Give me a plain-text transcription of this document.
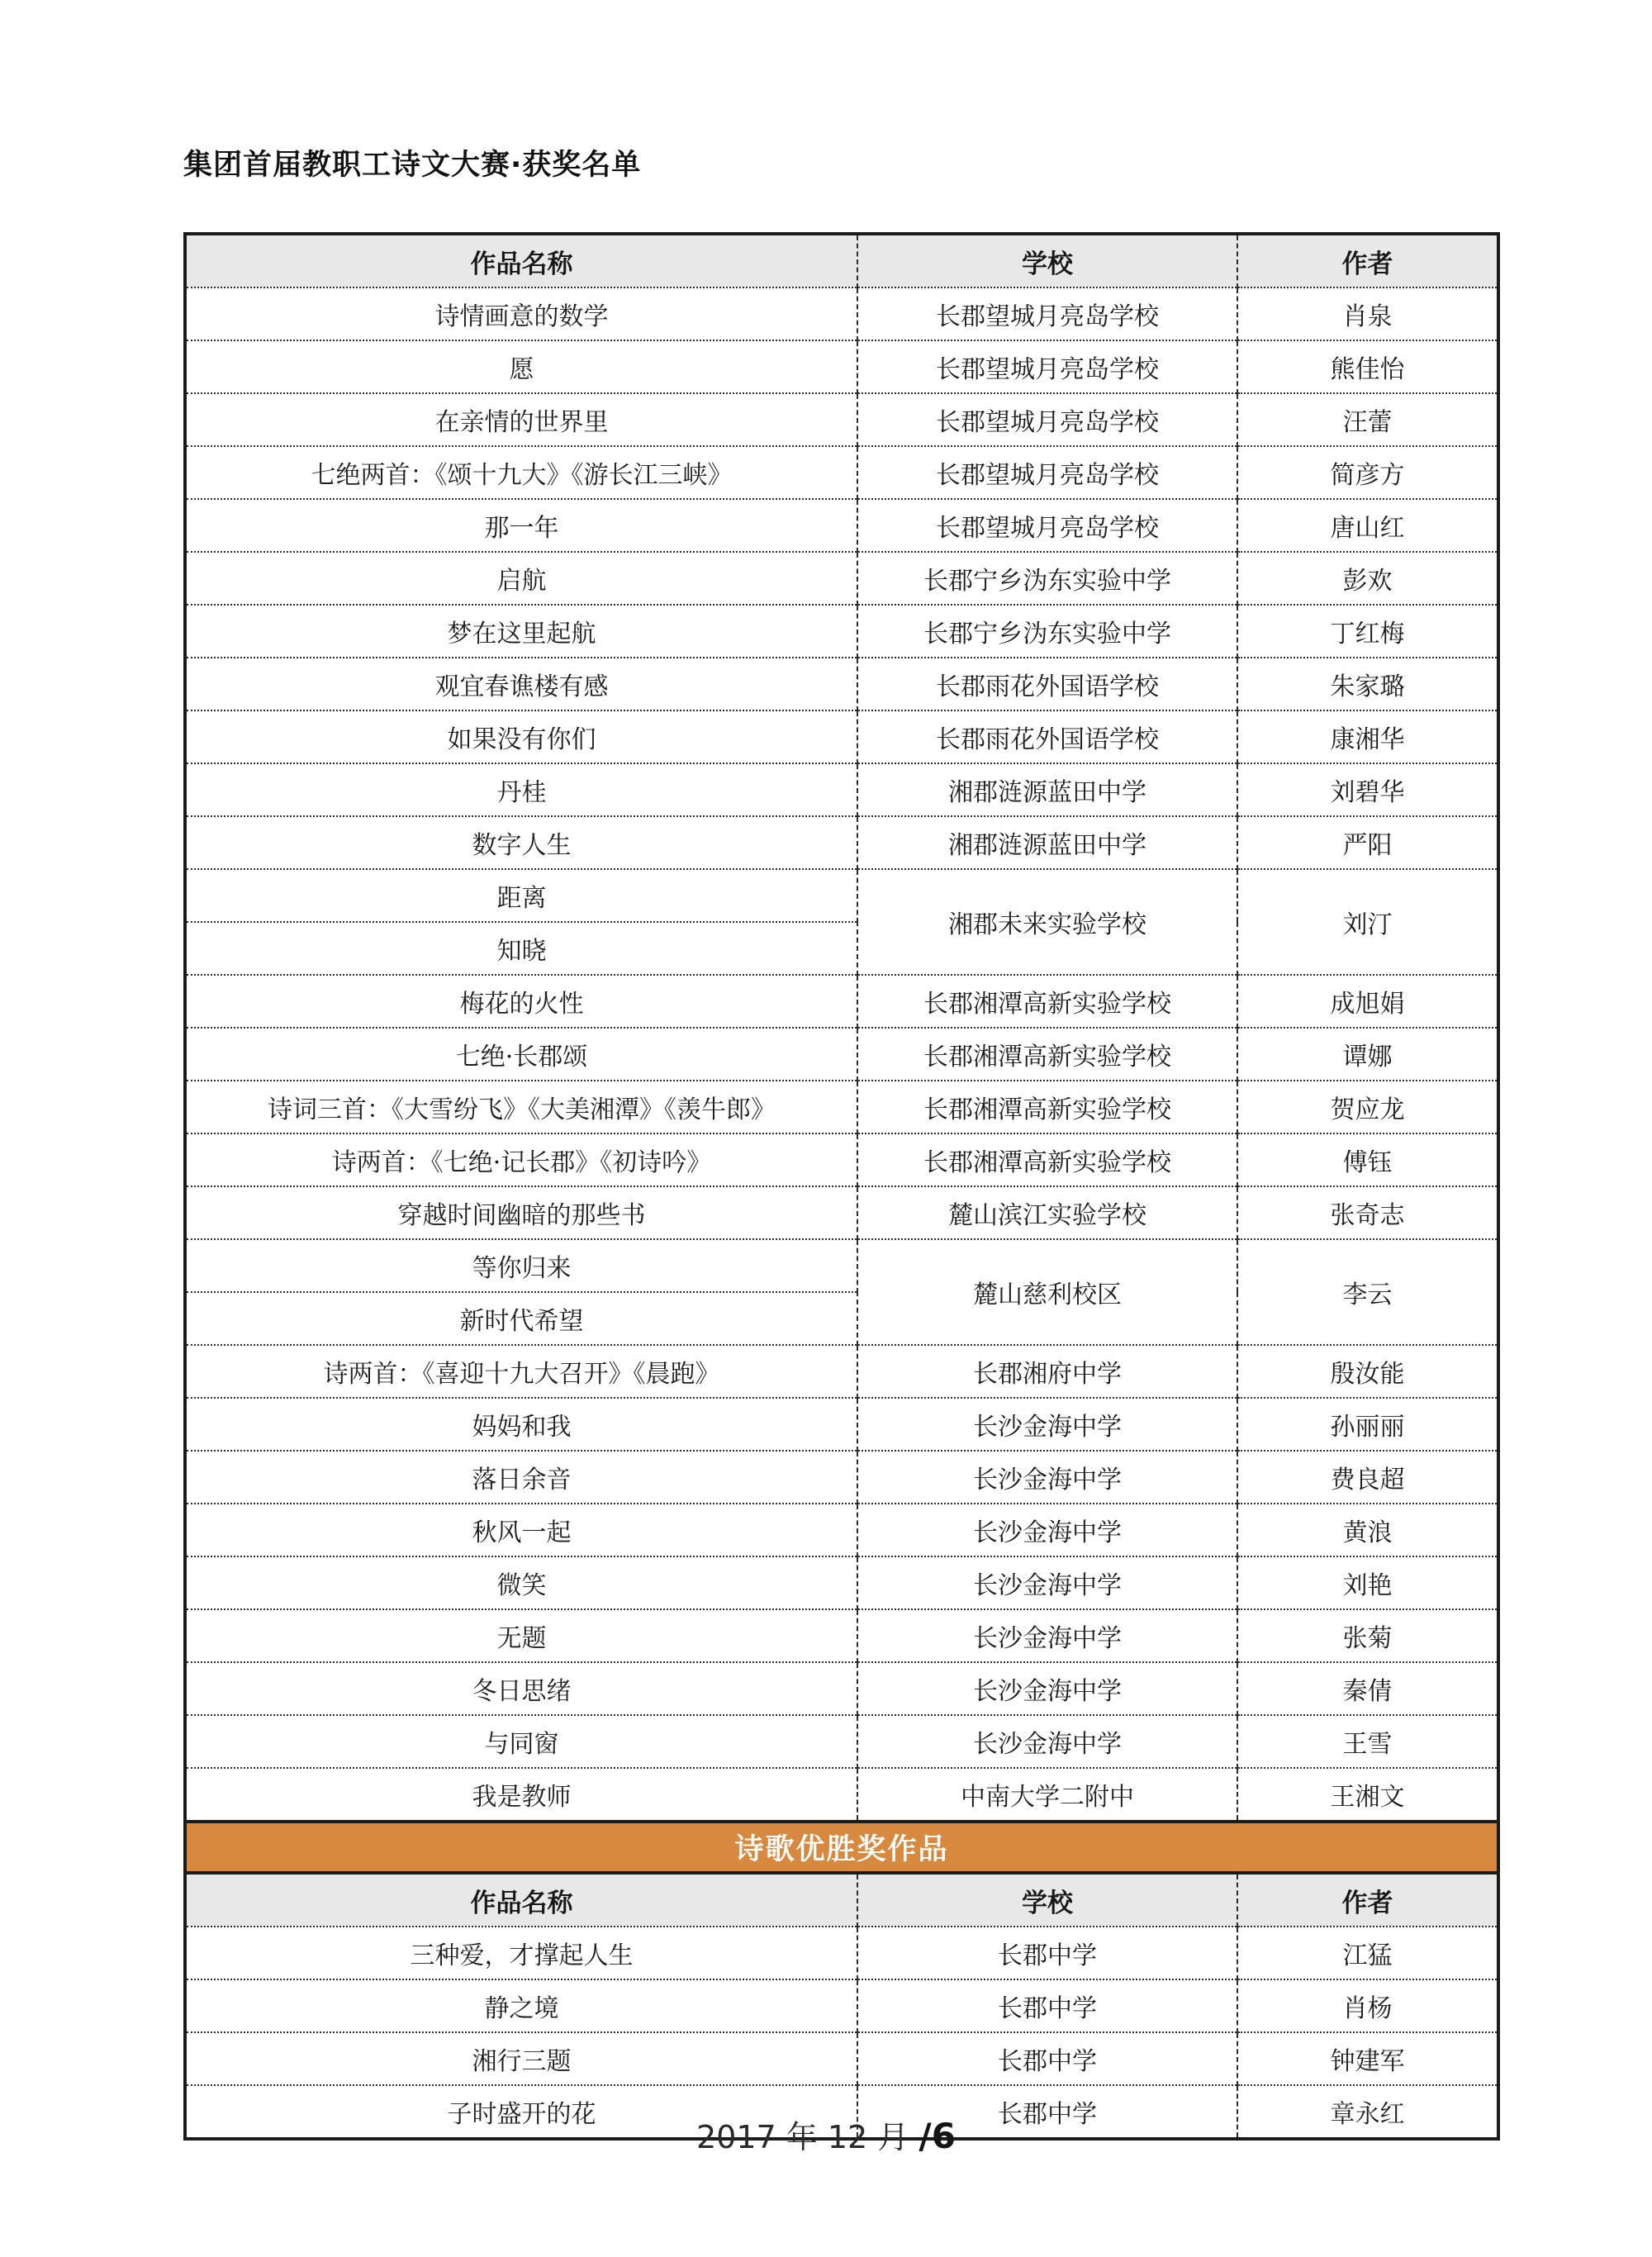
集团首届教职工诗文大赛·获奖名单
作品名称	学校	作者
诗情画意的数学	长郡望城月亮岛学校	肖泉
愿	长郡望城月亮岛学校	熊佳怡
在亲情的世界里	长郡望城月亮岛学校	汪蕾
七绝两首：《颂十九大》《游长江三峡》	长郡望城月亮岛学校	简彦方
那一年	长郡望城月亮岛学校	唐山红
启航	长郡宁乡沩东实验中学	彭欢
梦在这里起航	长郡宁乡沩东实验中学	丁红梅
观宜春谯楼有感	长郡雨花外国语学校	朱家璐
如果没有你们	长郡雨花外国语学校	康湘华
丹桂	湘郡涟源蓝田中学	刘碧华
数字人生	湘郡涟源蓝田中学	严阳
距离	湘郡未来实验学校	刘汀
知晓		
梅花的火性	长郡湘潭高新实验学校	成旭娟
七绝·长郡颂	长郡湘潭高新实验学校	谭娜
诗词三首：《大雪纷飞》《大美湘潭》《羡牛郎》	长郡湘潭高新实验学校	贺应龙
诗两首：《七绝·记长郡》《初诗吟》	长郡湘潭高新实验学校	傅钰
穿越时间幽暗的那些书	麓山滨江实验学校	张奇志
等你归来	麓山慈利校区	李云
新时代希望		
诗两首：《喜迎十九大召开》《晨跑》	长郡湘府中学	殷汝能
妈妈和我	长沙金海中学	孙丽丽
落日余音	长沙金海中学	费良超
秋风一起	长沙金海中学	黄浪
微笑	长沙金海中学	刘艳
无题	长沙金海中学	张菊
冬日思绪	长沙金海中学	秦倩
与同窗	长沙金海中学	王雪
我是教师	中南大学二附中	王湘文
诗歌优胜奖作品
作品名称	学校	作者
三种爱，才撑起人生	长郡中学	江猛
静之境	长郡中学	肖杨
湘行三题	长郡中学	钟建军
子时盛开的花	长郡中学	章永红
2017 年 12 月 /6
